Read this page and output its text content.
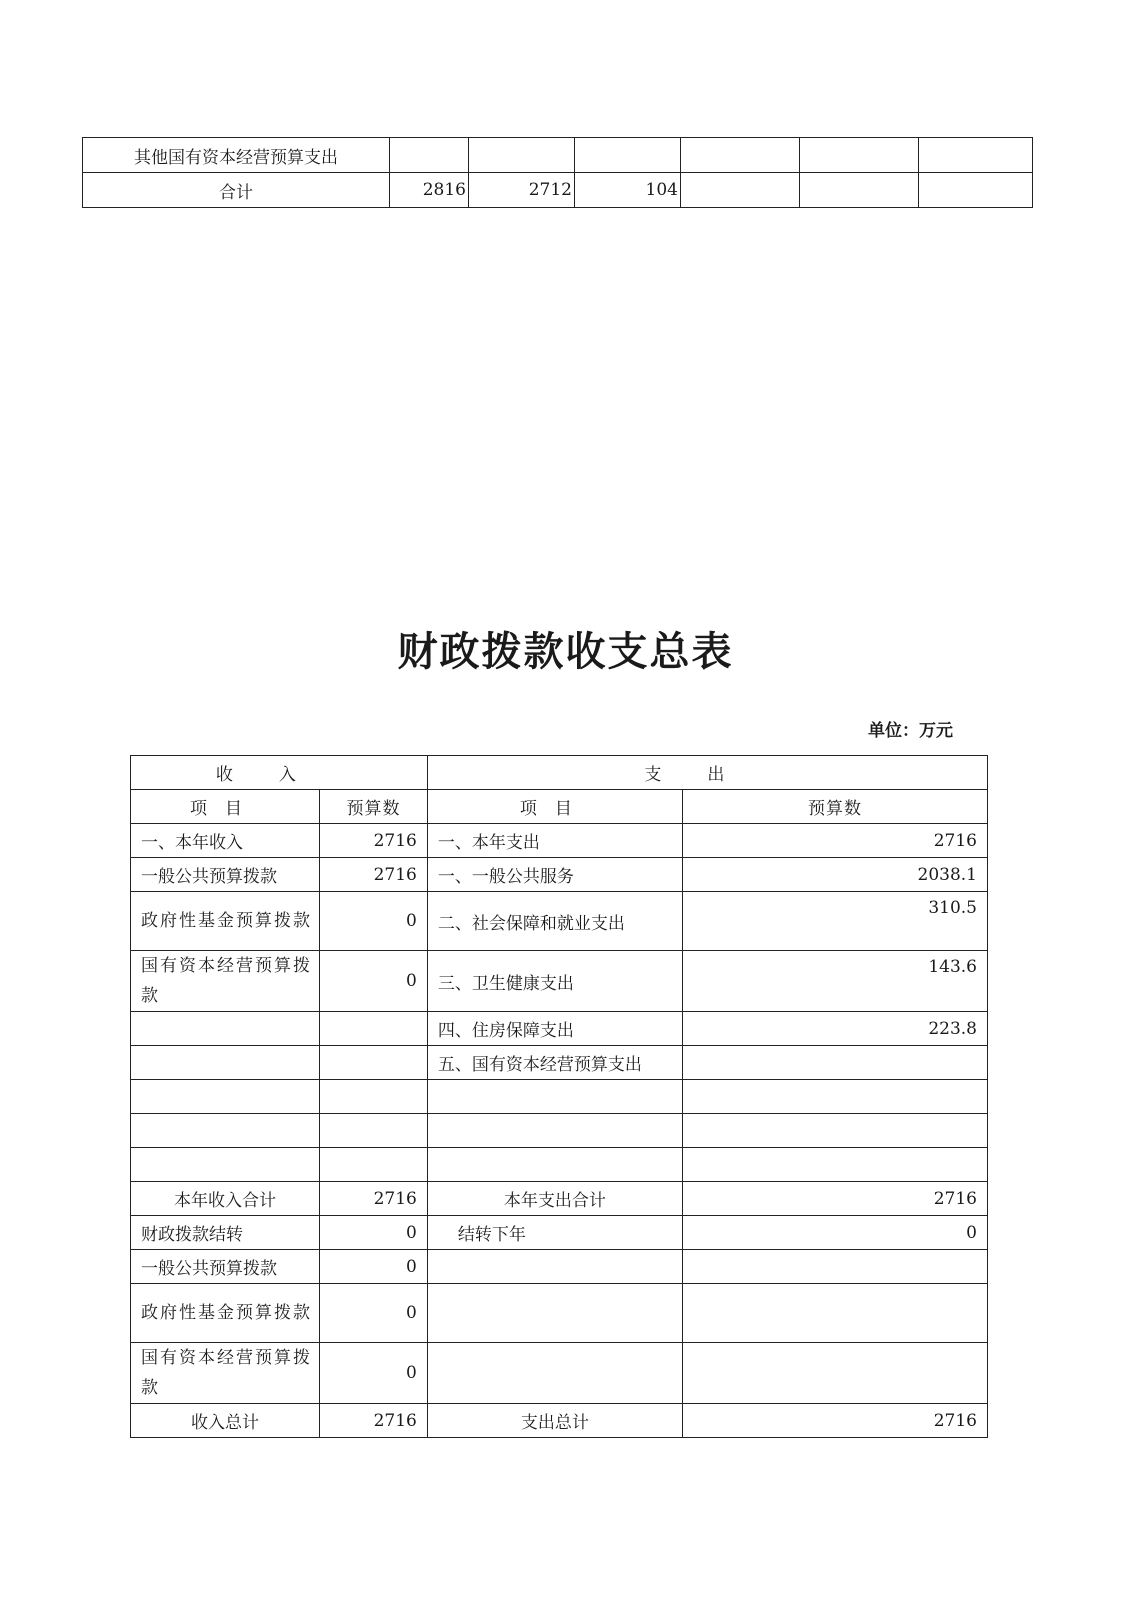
其他国有资本经营预算支出						
合计	2816	2712	104			
财政拨款收支总表
单位：万元
收入		支出	
项目	预算数	项目	预算数
一、本年收入	2716	一、本年支出	2716
一般公共预算拨款	2716	一、一般公共服务	2038.1
政府性基金预算拨款	0	二、社会保障和就业支出	310.5
国有资本经营预算拨款	0	三、卫生健康支出	143.6
		四、住房保障支出	223.8
		五、国有资本经营预算支出	

本年收入合计	2716	本年支出合计	2716
财政拨款结转	0	结转下年	0
一般公共预算拨款	0		
政府性基金预算拨款	0		
国有资本经营预算拨款	0		
收入总计	2716	支出总计	2716
